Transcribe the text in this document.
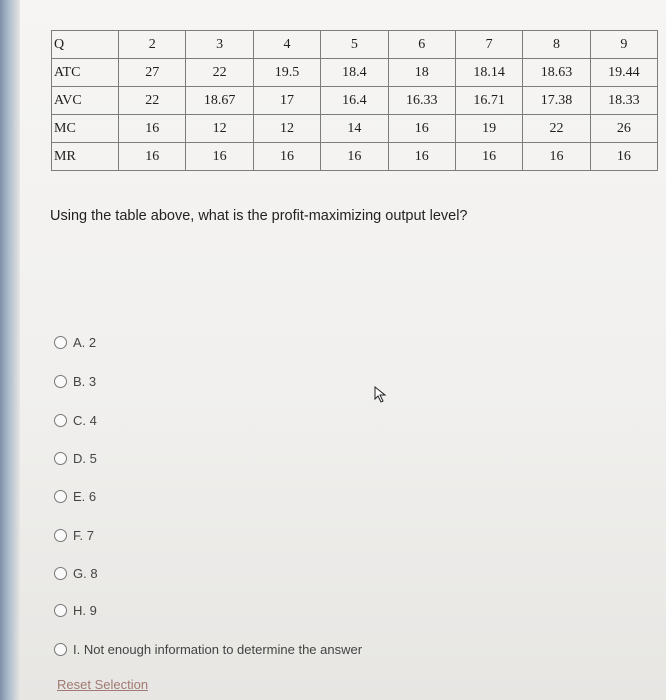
Q	2	3	4	5	6	7	8	9
ATC	27	22	19.5	18.4	18	18.14	18.63	19.44
AVC	22	18.67	17	16.4	16.33	16.71	17.38	18.33
MC	16	12	12	14	16	19	22	26
MR	16	16	16	16	16	16	16	16
Using the table above, what is the profit-maximizing output level?
A. 2
B. 3
C. 4
D. 5
E. 6
F. 7
G. 8
H. 9
I. Not enough information to determine the answer
Reset Selection
